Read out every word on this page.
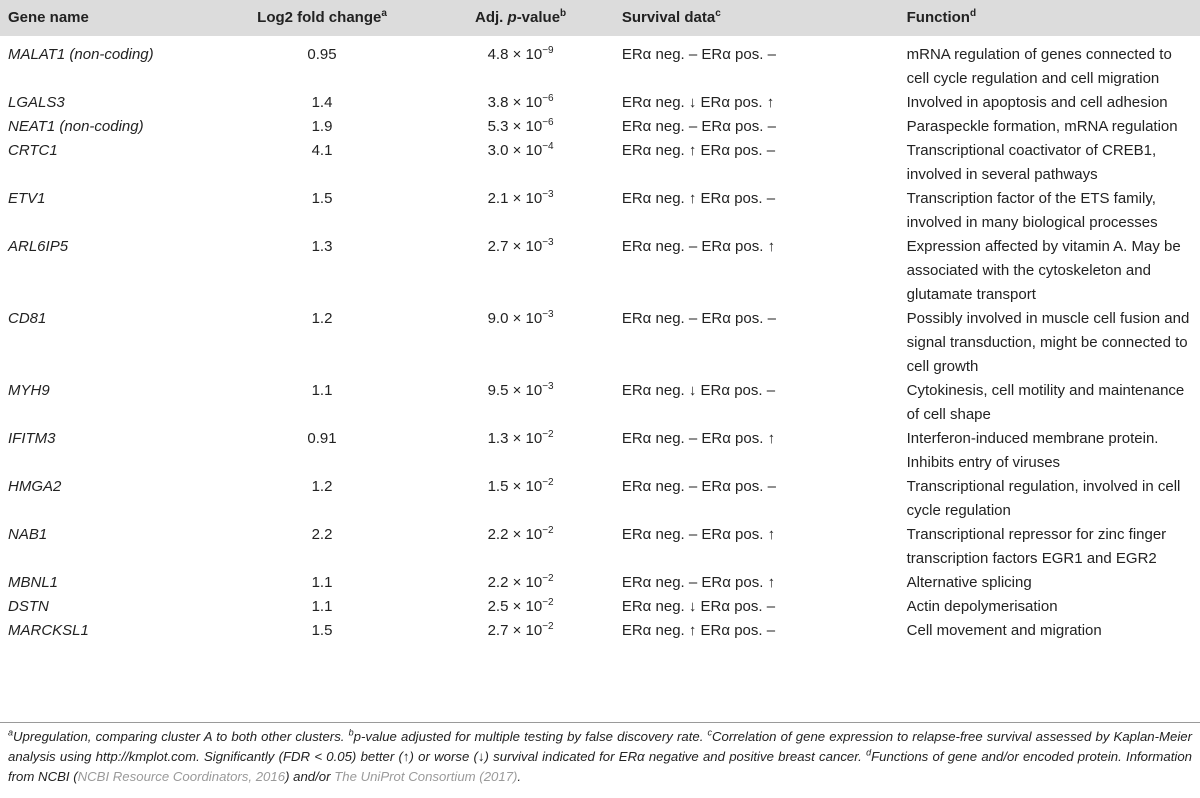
Gene name	Log2 fold change$^a$	Adj. p-value$^b$	Survival data$^c$	Function$^d$
MALAT1 (non-coding)	0.95	$4.8 \times 10^{-9}$	ERα neg. – ERα pos. –	mRNA regulation of genes connected to cell cycle regulation and cell migration
LGALS3	1.4	$3.8 \times 10^{-6}$	ERα neg. ↓ ERα pos. ↑	Involved in apoptosis and cell adhesion
NEAT1 (non-coding)	1.9	$5.3 \times 10^{-6}$	ERα neg. – ERα pos. –	Paraspeckle formation, mRNA regulation
CRTC1	4.1	$3.0 \times 10^{-4}$	ERα neg. ↑ ERα pos. –	Transcriptional coactivator of CREB1, involved in several pathways
ETV1	1.5	$2.1 \times 10^{-3}$	ERα neg. ↑ ERα pos. –	Transcription factor of the ETS family, involved in many biological processes
ARL6IP5	1.3	$2.7 \times 10^{-3}$	ERα neg. – ERα pos. ↑	Expression affected by vitamin A. May be associated with the cytoskeleton and glutamate transport
CD81	1.2	$9.0 \times 10^{-3}$	ERα neg. – ERα pos. –	Possibly involved in muscle cell fusion and signal transduction, might be connected to cell growth
MYH9	1.1	$9.5 \times 10^{-3}$	ERα neg. ↓ ERα pos. –	Cytokinesis, cell motility and maintenance of cell shape
IFITM3	0.91	$1.3 \times 10^{-2}$	ERα neg. – ERα pos. ↑	Interferon-induced membrane protein. Inhibits entry of viruses
HMGA2	1.2	$1.5 \times 10^{-2}$	ERα neg. – ERα pos. –	Transcriptional regulation, involved in cell cycle regulation
NAB1	2.2	$2.2 \times 10^{-2}$	ERα neg. – ERα pos. ↑	Transcriptional repressor for zinc finger transcription factors EGR1 and EGR2
MBNL1	1.1	$2.2 \times 10^{-2}$	ERα neg. – ERα pos. ↑	Alternative splicing
DSTN	1.1	$2.5 \times 10^{-2}$	ERα neg. ↓ ERα pos. –	Actin depolymerisation
MARCKSL1	1.5	$2.7 \times 10^{-2}$	ERα neg. ↑ ERα pos. –	Cell movement and migration
$^a$Upregulation, comparing cluster A to both other clusters. $^b$p-value adjusted for multiple testing by false discovery rate. $^c$Correlation of gene expression to relapse-free survival assessed by Kaplan-Meier analysis using http://kmplot.com. Significantly (FDR < 0.05) better (↑) or worse (↓) survival indicated for ERα negative and positive breast cancer. $^d$Functions of gene and/or encoded protein. Information from NCBI (NCBI Resource Coordinators, 2016) and/or The UniProt Consortium (2017).
